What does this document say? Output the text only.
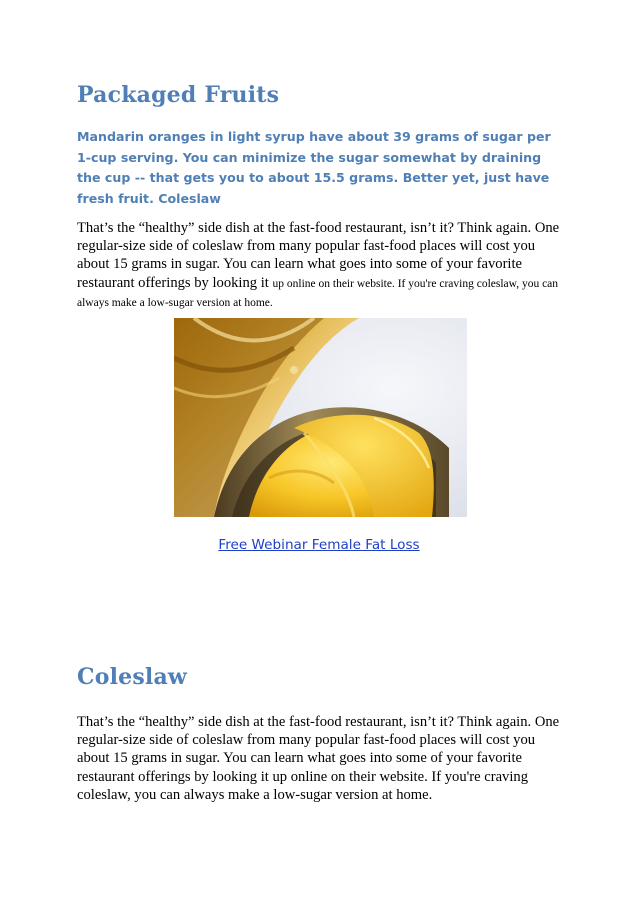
Packaged Fruits

Mandarin oranges in light syrup have about 39 grams of sugar per 1-cup serving. You can minimize the sugar somewhat by draining the cup -- that gets you to about 15.5 grams. Better yet, just have fresh fruit. Coleslaw

That’s the “healthy” side dish at the fast-food restaurant, isn’t it? Think again. One regular-size side of coleslaw from many popular fast-food places will cost you about 15 grams in sugar. You can learn what goes into some of your favorite restaurant offerings by looking it up online on their website. If you're craving coleslaw, you can always make a low-sugar version at home.

Free Webinar Female Fat Loss
Coleslaw

That’s the “healthy” side dish at the fast-food restaurant, isn’t it? Think again. One regular-size side of coleslaw from many popular fast-food places will cost you about 15 grams in sugar. You can learn what goes into some of your favorite restaurant offerings by looking it up online on their website. If you're craving coleslaw, you can always make a low-sugar version at home.
